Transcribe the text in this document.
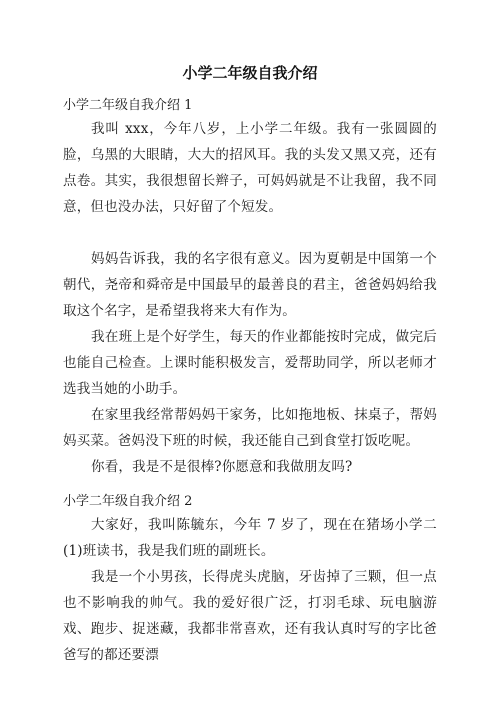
小学二年级自我介绍
小学二年级自我介绍 1
我叫 xxx，今年八岁，上小学二年级。我有一张圆圆的脸，乌黑的大眼睛，大大的招风耳。我的头发又黑又亮，还有点卷。其实，我很想留长辫子，可妈妈就是不让我留，我不同意，但也没办法，只好留了个短发。
妈妈告诉我，我的名字很有意义。因为夏朝是中国第一个朝代，尧帝和舜帝是中国最早的最善良的君主，爸爸妈妈给我取这个名字，是希望我将来大有作为。
我在班上是个好学生，每天的作业都能按时完成，做完后也能自己检查。上课时能积极发言，爱帮助同学，所以老师才选我当她的小助手。
在家里我经常帮妈妈干家务，比如拖地板、抹桌子，帮妈妈买菜。爸妈没下班的时候，我还能自己到食堂打饭吃呢。
你看，我是不是很棒?你愿意和我做朋友吗?
小学二年级自我介绍 2
大家好，我叫陈毓东，今年 7 岁了，现在在猪场小学二(1)班读书，我是我们班的副班长。
我是一个小男孩，长得虎头虎脑，牙齿掉了三颗，但一点也不影响我的帅气。我的爱好很广泛，打羽毛球、玩电脑游戏、跑步、捉迷藏，我都非常喜欢，还有我认真时写的字比爸爸写的都还要漂
